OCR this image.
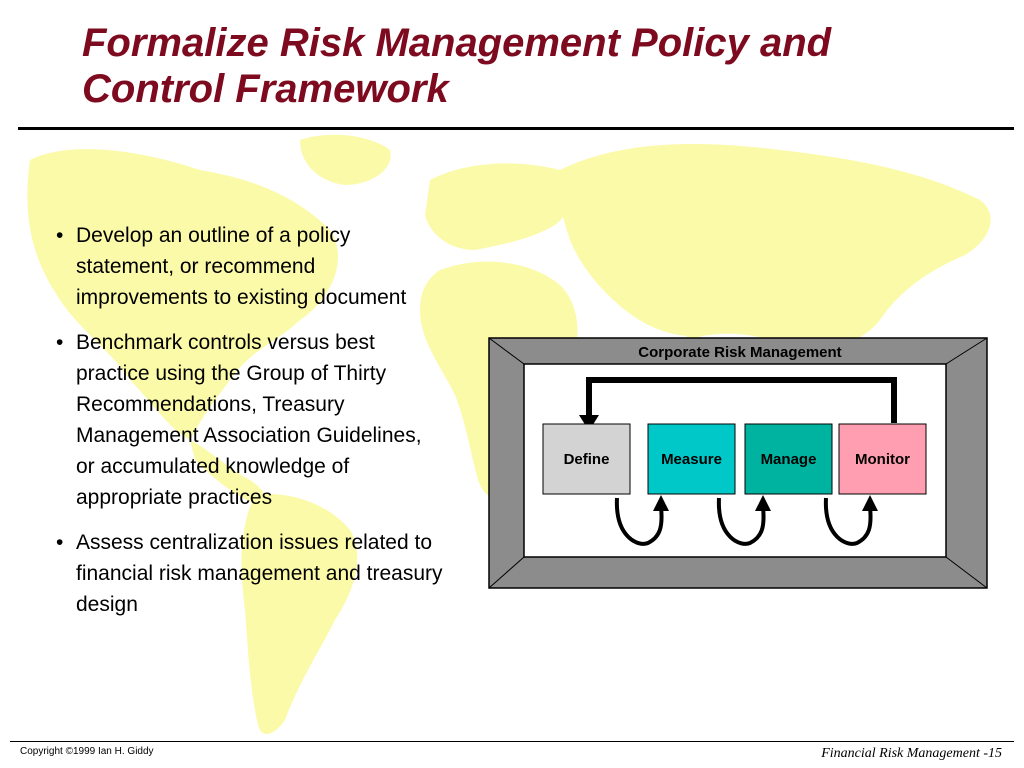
Formalize Risk Management Policy and Control Framework
• Develop an outline of a policy statement, or recommend improvements to existing document
• Benchmark controls versus best practice using the Group of Thirty Recommendations, Treasury Management Association Guidelines, or accumulated knowledge of appropriate practices
• Assess centralization issues related to financial risk management and treasury design
Corporate Risk Management
Define	Measure	Manage	Monitor
Copyright ©1999 Ian H. Giddy	Financial Risk Management -15
